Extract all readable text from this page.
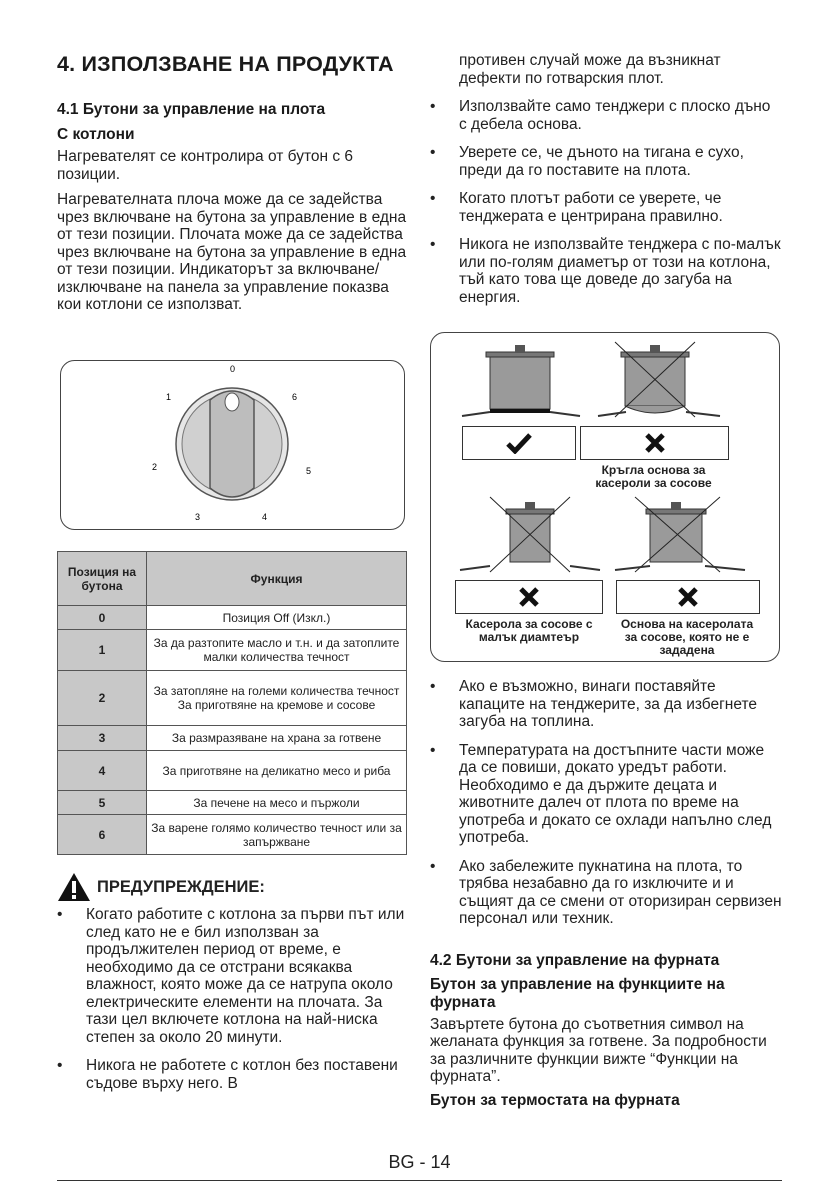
4. ИЗПОЛЗВАНЕ НА ПРОДУКТА

4.1 Бутони за управление на плота

С котлони

Нагревателят се контролира от бутон с 6 позиции.

Нагревателната плоча може да се задейства чрез включване на бутона за управление в една от тези позиции. Плочата може да се задейства чрез включване на бутона за управление в една от тези позиции. Индикаторът за включване/изключване на панела за управление показва кои котлони се използват.

0
1	6
2	5
3	4
Позиция на бутона	Функция
0	Позиция Off (Изкл.)
1	За да разтопите масло и т.н. и да затоплите малки количества течност
2	За затопляне на големи количества течност За приготвяне на кремове и сосове
3	За размразяване на храна за готвене
4	За приготвяне на деликатно месо и риба
5	За печене на месо и пържоли
6	За варене голямо количество течност или за запържване
ПРЕДУПРЕЖДЕНИЕ:
• Когато работите с котлона за първи път или след като не е бил използван за продължителен период от време, е необходимо да се отстрани всякаква влажност, която може да се натрупа около електрическите елементи на плочата. За тази цел включете котлона на най-ниска степен за около 20 минути.
• Никога не работете с котлон без поставени съдове върху него. В

противен случай може да възникнат дефекти по готварския плот.

• Използвайте само тенджери с плоско дъно с дебела основа.
• Уверете се, че дъното на тигана е сухо, преди да го поставите на плота.
• Когато плотът работи се уверете, че тенджерата е центрирана правилно.
• Никога не използвайте тенджера с по-малък или по-голям диаметър от този на котлона, тъй като това ще доведе до загуба на енергия.
Кръгла основа за касероли за сосове
Касерола за сосове с малък диамтеър
Основа на касеролата за сосове, която не е зададена
• Ако е възможно, винаги поставяйте капаците на тенджерите, за да избегнете загуба на топлина.
• Температурата на достъпните части може да се повиши, докато уредът работи. Необходимо е да държите децата и животните далеч от плота по време на употреба и докато се охлади напълно след употреба.
• Ако забележите пукнатина на плота, то трябва незабавно да го изключите и и същият да се смени от оторизиран сервизен персонал или техник.

4.2 Бутони за управление на фурната

Бутон за управление на функциите на фурната

Завъртете бутона до съответния символ на желаната функция за готвене. За подробности за различните функции вижте “Функции на фурната”.

Бутон за термостата на фурната

BG - 14
